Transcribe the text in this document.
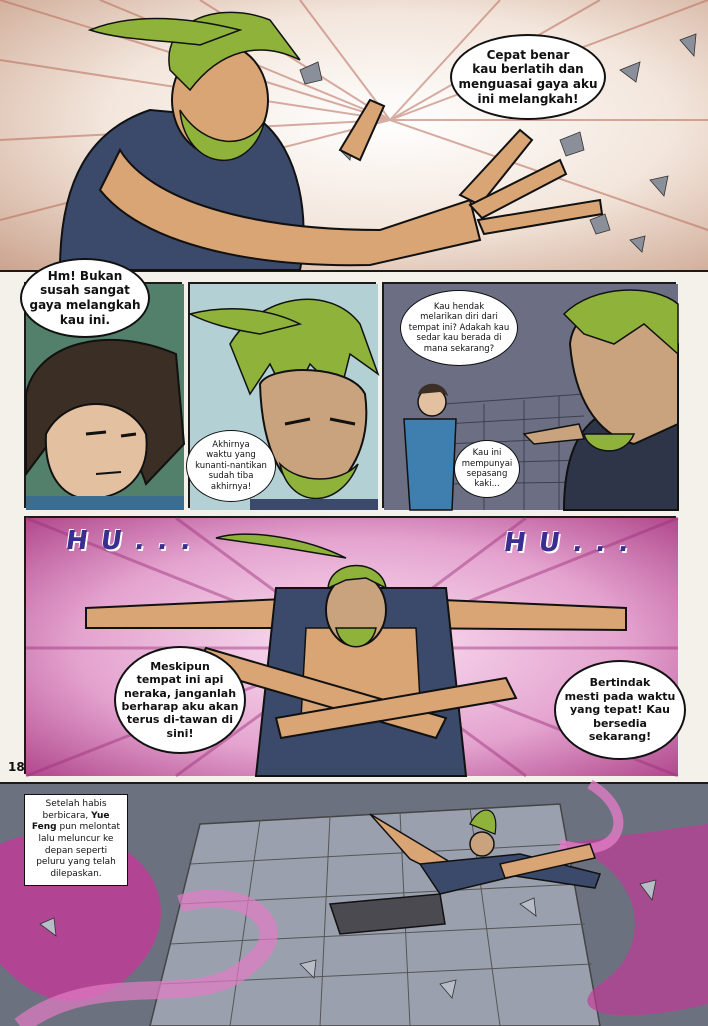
Cepat benar
kau berlatih dan
menguasai gaya aku
ini melangkah!
Hm! Bukan
susah sangat
gaya melangkah
kau ini.
Akhirnya
waktu yang
kunanti-nantikan
sudah tiba
akhirnya!
Kau hendak
melarikan diri dari
tempat ini? Adakah kau
sedar kau berada di
mana sekarang?
Kau ini
mempunyai
sepasang
kaki...
H U . . .	H U . . .
Meskipun
tempat ini api
neraka, janganlah
berharap aku akan
terus di-tawan di
sini!
Bertindak
mesti pada waktu
yang tepat! Kau
bersedia
sekarang!
18
Setelah habis berbicara, Yue Feng pun melontat lalu meluncur ke depan seperti peluru yang telah dilepaskan.
